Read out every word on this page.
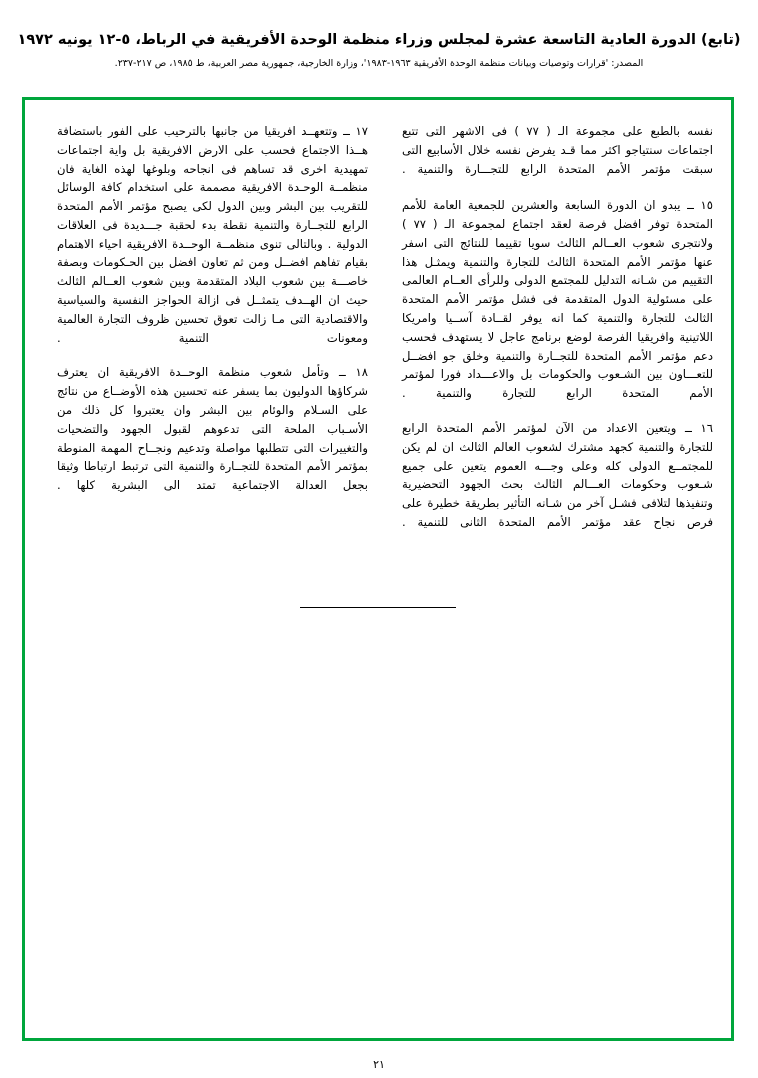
(تابع) الدورة العادية التاسعة عشرة لمجلس وزراء منظمة الوحدة الأفريقية في الرباط، ٥-١٢ يونيه ١٩٧٢
المصدر: 'قرارات وتوصيات وبيانات منظمة الوحدة الأفريقية ١٩٦٣-١٩٨٣'، وزارة الخارجية، جمهورية مصر العربية، ط ١٩٨٥، ص ٢١٧-٢٣٧.

نفسه بالطبع على مجموعة الـ ( ٧٧ ) فى الاشهر التى تتبع اجتماعات سنتياجو اكثر مما قـد يفرض نفسه خلال الأسابيع التى سبقت مؤتمر الأمم المتحدة الرابع للتجـــارة والتنمية .

١٥ ــ يبدو ان الدورة السابعة والعشرين للجمعية العامة للأمم المتحدة توفر افضل فرصة لعقد اجتماع لمجموعة الـ ( ٧٧ ) ولانتجرى شعوب العــالم الثالث سويا تقييما للنتائج التى اسفر عنها مؤتمر الأمم المتحدة الثالث للتجارة والتنمية ويمثـل هذا التقييم من شـانه التدليل للمجتمع الدولى وللرأى العــام العالمى على مسئولية الدول المتقدمة فى فشل مؤتمر الأمم المتحدة الثالث للتجارة والتنمية كما انه يوفر لقــادة آســيا وامريكا اللاتينية وافريقيا الفرصة لوضع برنامج عاجل لا يستهدف فحسب دعم مؤتمر الأمم المتحدة للتجــارة والتنمية وخلق جو افضــل للتعـــاون بين الشـعوب والحكومات بل والاعـــداد فورا لمؤتمر الأمم المتحدة الرابع للتجارة والتنمية .

١٦ ــ ويتعين الاعداد من الآن لمؤتمر الأمم المتحدة الرابع للتجارة والتنمية كجهد مشترك لشعوب العالم الثالث ان لم يكن للمجتمــع الدولى كله وعلى وجـــه العموم يتعين على جميع شـعوب وحكومات العـــالم الثالث بحث الجهود التحضيرية وتنفيذها لتلافى فشـل آخر من شـانه التأثير بطريقة خطيرة على فرص نجاح عقد مؤتمر الأمم المتحدة الثانى للتنمية .

١٧ ــ وتتعهــد افريقيا من جانبها بالترحيب على الفور باستضافة هــذا الاجتماع فحسب على الارض الافريقية بل واية اجتماعات تمهيدية اخرى قد تساهم فى انجاحه وبلوغها لهذه الغاية فان منظمــة الوحـدة الافريقية مصممة على استخدام كافة الوسائل للتقريب بين البشر وبين الدول لكى يصبح مؤتمر الأمم المتحدة الرابع للتجــارة والتنمية نقطة بدء لحقبة جـــديدة فى العلاقات الدولية . وبالتالى تنوى منظمــة الوحــدة الافريقية احياء الاهتمام بقيام تفاهم افضــل ومن ثم تعاون افضل بين الحـكومات وبصفة خاصـــة بين شعوب البلاد المتقدمة وبين شعوب العــالم الثالث حيث ان الهــدف يتمثــل فى ازالة الحواجز النفسية والسياسية والاقتصادية التى مـا زالت تعوق تحسين ظروف التجارة العالمية ومعونات التنمية .

١٨ ــ وتأمل شعوب منظمة الوحــدة الافريقية ان يعترف شركاؤها الدوليون بما يسفر عنه تحسين هذه الأوضــاع من نتائج على السـلام والوئام بين البشر وان يعتبروا كل ذلك من الأسـباب الملحة التى تدعوهم لقبول الجهود والتضحيات والتغييرات التى تتطلبها مواصلة وتدعيم ونجــاح المهمة المنوطة بمؤتمر الأمم المتحدة للتجــارة والتنمية التى ترتبط ارتباطا وثيقا بجعل العدالة الاجتماعية تمتد الى البشرية كلها .

٢١
